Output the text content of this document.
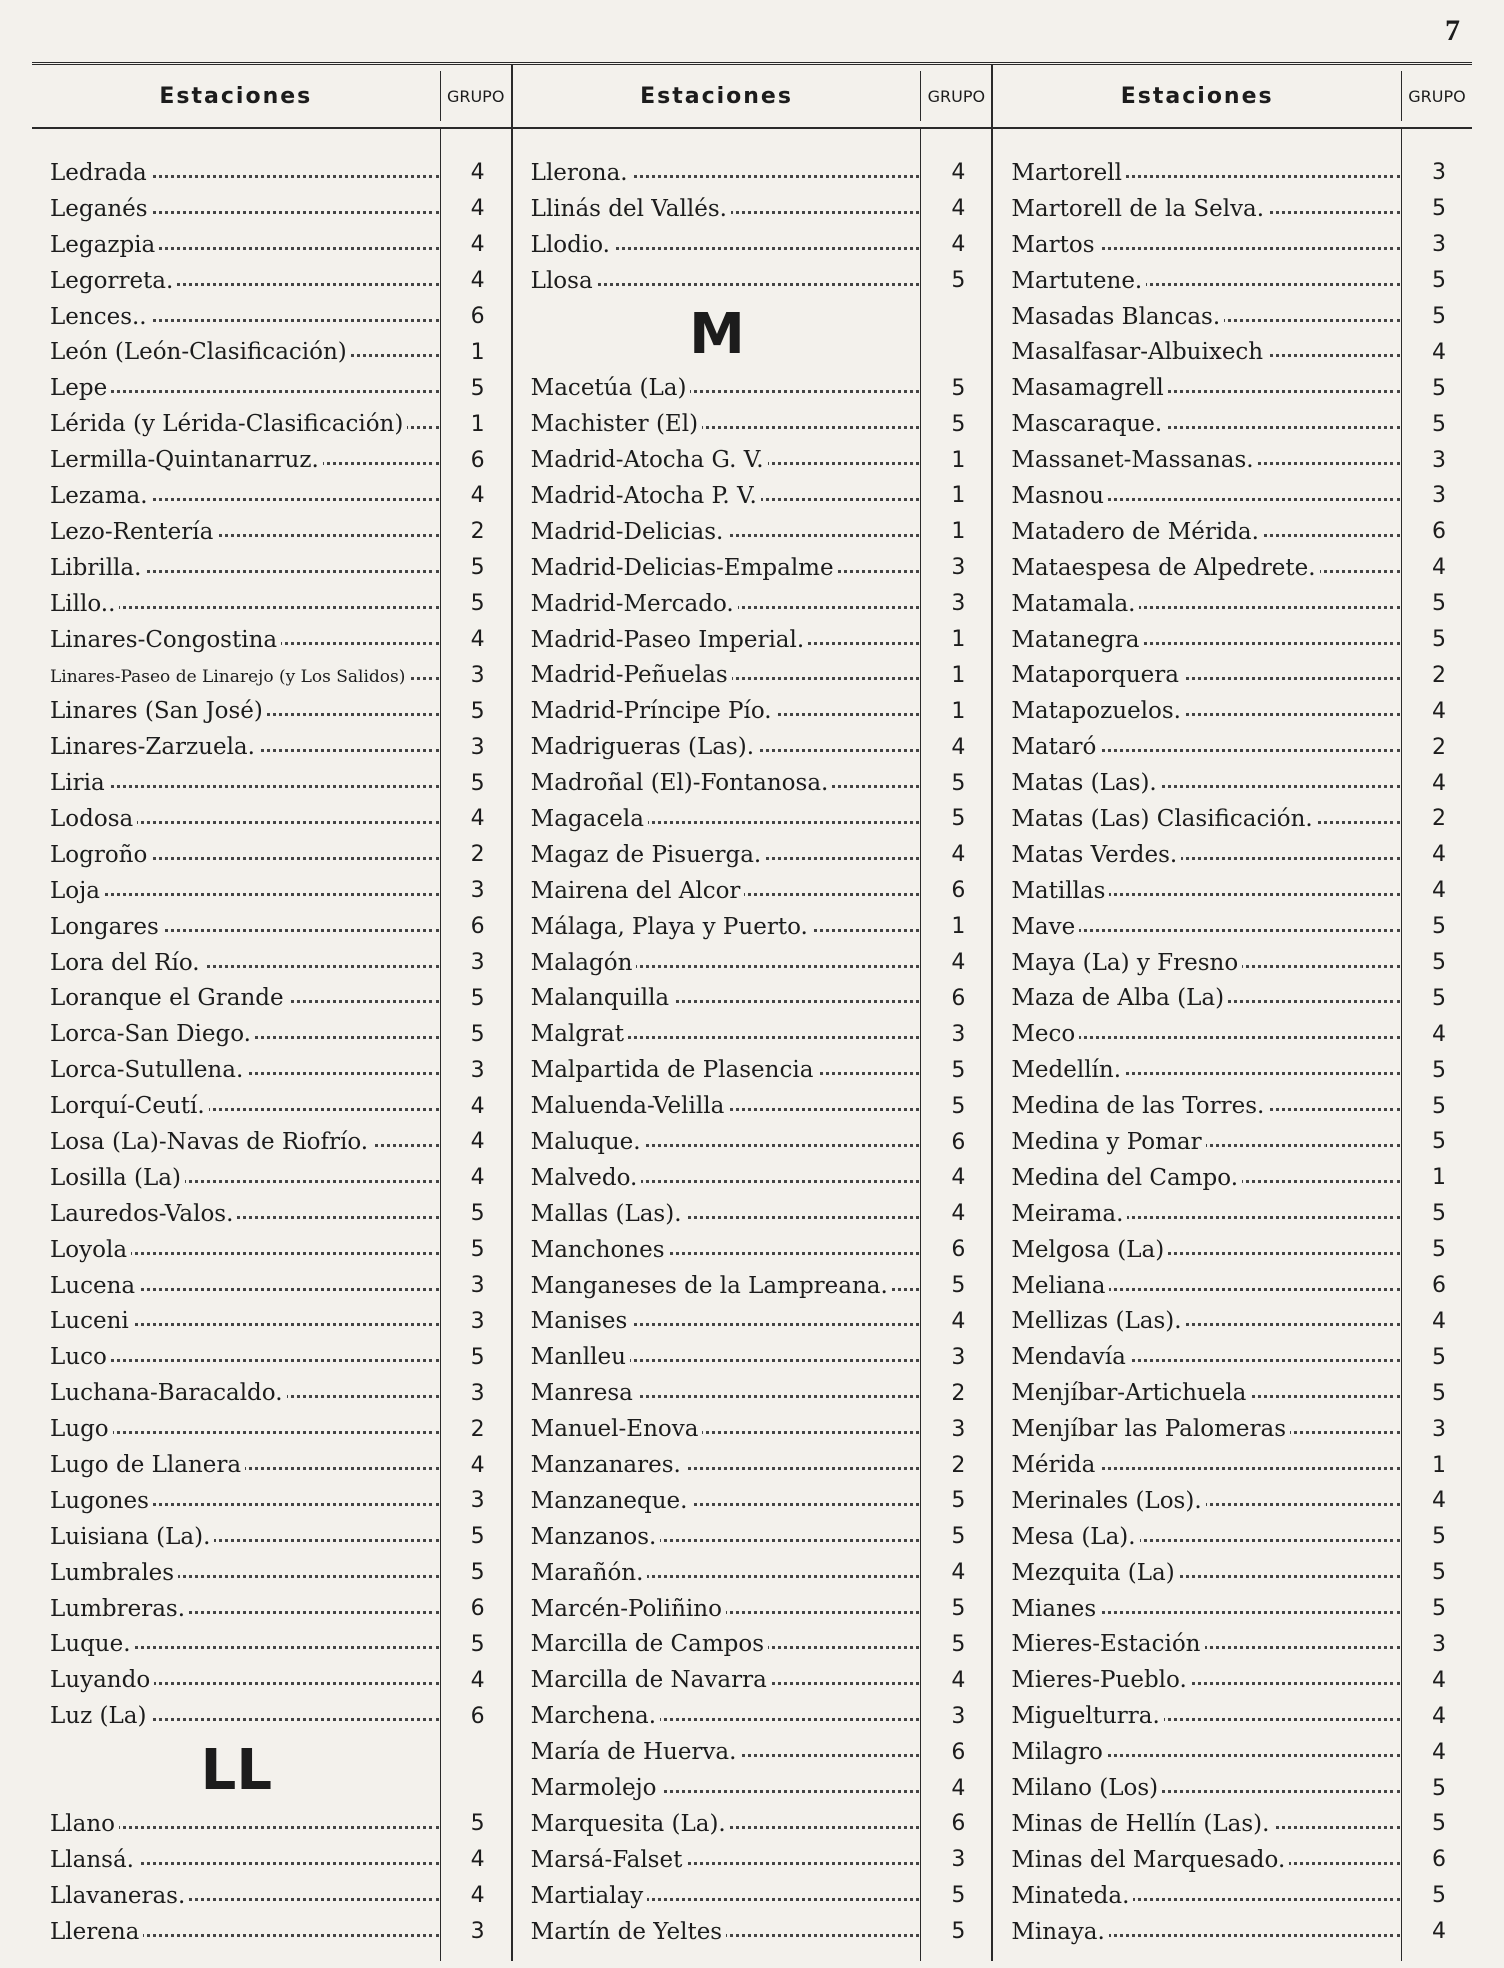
7
Estaciones	GRUPO
Ledrada	4
Leganés	4
Legazpia	4
Legorreta.	4
Lences..	6
León (León-Clasificación)	1
Lepe	5
Lérida (y Lérida-Clasificación)	1
Lermilla-Quintanarruz.	6
Lezama.	4
Lezo-Rentería	2
Librilla.	5
Lillo..	5
Linares-Congostina	4
Linares-Paseo de Linarejo (y Los Salidos)	3
Linares (San José)	5
Linares-Zarzuela.	3
Liria	5
Lodosa	4
Logroño	2
Loja	3
Longares	6
Lora del Río.	3
Loranque el Grande	5
Lorca-San Diego.	5
Lorca-Sutullena.	3
Lorquí-Ceutí.	4
Losa (La)-Navas de Riofrío.	4
Losilla (La)	4
Lauredos-Valos.	5
Loyola	5
Lucena	3
Luceni	3
Luco	5
Luchana-Baracaldo.	3
Lugo	2
Lugo de Llanera	4
Lugones	3
Luisiana (La).	5
Lumbrales	5
Lumbreras.	6
Luque.	5
Luyando	4
Luz (La)	6
LL
Llano	5
Llansá.	4
Llavaneras.	4
Llerena	3
Estaciones	GRUPO
Llerona.	4
Llinás del Vallés.	4
Llodio.	4
Llosa	5
M
Macetúa (La)	5
Machister (El)	5
Madrid-Atocha G. V.	1
Madrid-Atocha P. V.	1
Madrid-Delicias.	1
Madrid-Delicias-Empalme	3
Madrid-Mercado.	3
Madrid-Paseo Imperial.	1
Madrid-Peñuelas	1
Madrid-Príncipe Pío.	1
Madrigueras (Las).	4
Madroñal (El)-Fontanosa.	5
Magacela	5
Magaz de Pisuerga.	4
Mairena del Alcor	6
Málaga, Playa y Puerto.	1
Malagón	4
Malanquilla	6
Malgrat	3
Malpartida de Plasencia	5
Maluenda-Velilla	5
Maluque.	6
Malvedo.	4
Mallas (Las).	4
Manchones	6
Manganeses de la Lampreana.	5
Manises	4
Manlleu	3
Manresa	2
Manuel-Enova	3
Manzanares.	2
Manzaneque.	5
Manzanos.	5
Marañón.	4
Marcén-Poliñino	5
Marcilla de Campos	5
Marcilla de Navarra	4
Marchena.	3
María de Huerva.	6
Marmolejo	4
Marquesita (La).	6
Marsá-Falset	3
Martialay	5
Martín de Yeltes	5
Estaciones	GRUPO
Martorell	3
Martorell de la Selva.	5
Martos	3
Martutene.	5
Masadas Blancas.	5
Masalfasar-Albuixech	4
Masamagrell	5
Mascaraque.	5
Massanet-Massanas.	3
Masnou	3
Matadero de Mérida.	6
Mataespesa de Alpedrete.	4
Matamala.	5
Matanegra	5
Mataporquera	2
Matapozuelos.	4
Mataró	2
Matas (Las).	4
Matas (Las) Clasificación.	2
Matas Verdes.	4
Matillas	4
Mave	5
Maya (La) y Fresno	5
Maza de Alba (La)	5
Meco	4
Medellín.	5
Medina de las Torres.	5
Medina y Pomar	5
Medina del Campo.	1
Meirama.	5
Melgosa (La)	5
Meliana	6
Mellizas (Las).	4
Mendavía	5
Menjíbar-Artichuela	5
Menjíbar las Palomeras	3
Mérida	1
Merinales (Los).	4
Mesa (La).	5
Mezquita (La)	5
Mianes	5
Mieres-Estación	3
Mieres-Pueblo.	4
Miguelturra.	4
Milagro	4
Milano (Los)	5
Minas de Hellín (Las).	5
Minas del Marquesado.	6
Minateda.	5
Minaya.	4
